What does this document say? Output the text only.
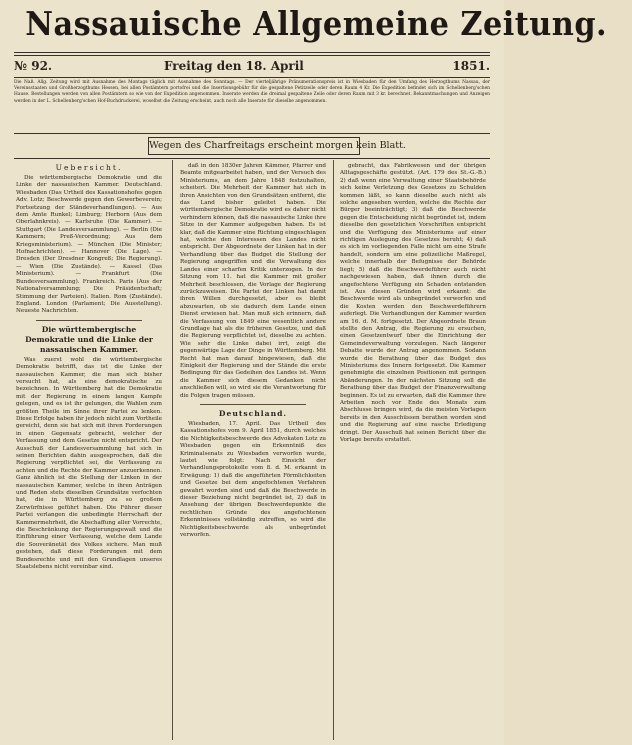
Nassauische Allgemeine Zeitung.
№ 92.	Freitag den 18. April	1851.
Die Naß. Allg. Zeitung wird mit Ausnahme des Montags täglich mit Ausnahme des Sonntags. — Der vierteljährige Pränumerationspreis ist in Wiesbaden für den Umfang des Herzogthums Nassau, der Vereinsstaaten und Großherzogthums Hessen, bei allen Postämtern portofrei und die Insertionsgebühr für die gespaltene Petitzeile oder deren Raum 4 Kr. Die Expedition befindet sich im Schellenberg'schen Hause. Bestellungen werden von allen Postämtern so wie von der Expedition angenommen. Inserate werden die dreimal gespaltene Zeile oder deren Raum mit 3 kr. berechnet. Bekanntmachungen und Anzeigen werden in der L. Schellenberg'schen Hof-Buchdruckerei, woselbst die Zeitung erscheint, auch noch alle Inserate für dieselbe angenommen.
Wegen des Charfreitags erscheint morgen kein Blatt.
Uebersicht.

Die württembergische Demokratie und die Linke der nassauischen Kammer. Deutschland. Wiesbaden (Das Urtheil des Kassationshofes gegen Adv. Lotz; Beschwerde gegen den Gewerbeverein; Fortsetzung der Ständeverhandlungen). — Aus dem Amte Runkel; Limburg; Herborn (Aus dem Oberlahnkreis). — Karlsruhe (Die Kammer). — Stuttgart (Die Landesversammlung). — Berlin (Die Kammern; Preß-Verordnung; Aus dem Kriegsministerium). — München (Die Minister; Hofnachrichten). — Hannover (Die Lage). — Dresden (Der Dresdner Kongreß; Die Regierung). — Wien (Die Zustände). — Kassel (Das Ministerium). — Frankfurt (Die Bundesversammlung). Frankreich. Paris (Aus der Nationalversammlung; Die Präsidentschaft; Stimmung der Parteien). Italien. Rom (Zustände). England. London (Parlament; Die Ausstellung). Neueste Nachrichten.

Die württembergische Demokratie und die Linke der nassauischen Kammer.

Was zuerst wohl die württembergische Demokratie betrifft, das ist die Linke der nassauischen Kammer, die man sich bisher versucht hat, als eine demokratische zu bezeichnen. In Württemberg hat die Demokratie mit der Regierung in einem langen Kampfe gelegen, und es ist ihr gelungen, die Wahlen zum größten Theile im Sinne ihrer Partei zu lenken. Diese Erfolge haben ihr jedoch nicht zum Vortheile gereicht, denn sie hat sich mit ihren Forderungen in einen Gegensatz gebracht, welcher der Verfassung und dem Gesetze nicht entspricht. Der Ausschuß der Landesversammlung hat sich in seinen Berichten dahin ausgesprochen, daß die Regierung verpflichtet sei, die Verfassung zu achten und die Rechte der Kammer anzuerkennen. Ganz ähnlich ist die Stellung der Linken in der nassauischen Kammer, welche in ihren Anträgen und Reden stets dieselben Grundsätze verfochten hat, die in Württemberg zu so großem Zerwürfnisse geführt haben. Die Führer dieser Partei verlangen die unbedingte Herrschaft der Kammermehrheit, die Abschaffung aller Vorrechte, die Beschränkung der Regierungsgewalt und die Einführung einer Verfassung, welche dem Lande die Souveränetät des Volkes sichere. Man muß gestehen, daß diese Forderungen mit dem Bundesrechte und mit den Grundlagen unseres Staatslebens nicht vereinbar sind.

daß in den 1830er Jahren Kämmer, Pfarrer und Beamte mitgearbeitet haben, und der Versuch des Ministeriums, an dem Jahre 1848 festzuhalten, scheitert. Die Mehrheit der Kammer hat sich in ihren Ansichten von den Grundsätzen entfernt, die das Land bisher geleitet haben. Die württembergische Demokratie wird es daher nicht verhindern können, daß die nassauische Linke ihre Sitze in der Kammer aufgegeben haben. Es ist klar, daß die Kammer eine Richtung eingeschlagen hat, welche den Interessen des Landes nicht entspricht. Der Abgeordnete der Linken hat in der Verhandlung über das Budget die Stellung der Regierung angegriffen und die Verwaltung des Landes einer scharfen Kritik unterzogen. In der Sitzung vom 11. hat die Kammer mit großer Mehrheit beschlossen, die Vorlage der Regierung zurückzuweisen. Die Partei der Linken hat damit ihren Willen durchgesetzt, aber es bleibt abzuwarten, ob sie dadurch dem Lande einen Dienst erwiesen hat. Man muß sich erinnern, daß die Verfassung von 1849 eine wesentlich andere Grundlage hat als die früheren Gesetze, und daß die Regierung verpflichtet ist, dieselbe zu achten. Wie sehr die Linke dabei irrt, zeigt die gegenwärtige Lage der Dinge in Württemberg. Mit Recht hat man darauf hingewiesen, daß die Einigkeit der Regierung und der Stände die erste Bedingung für das Gedeihen des Landes ist. Wenn die Kammer sich diesem Gedanken nicht anschließen will, so wird sie die Verantwortung für die Folgen tragen müssen.

Deutschland.

Wiesbaden, 17. April. Das Urtheil des Kassationshofes vom 9. April 1851, durch welches die Nichtigkeitsbeschwerde des Advokaten Lotz zu Wiesbaden gegen ein Erkenntniß des Kriminalsenats zu Wiesbaden verworfen wurde, lautet wie folgt: Nach Einsicht der Verhandlungsprotokolle vom 8. d. M. erkannt in Erwägung: 1) daß die angeführten Förmlichkeiten und Gesetze bei dem angefochtenen Verfahren gewahrt worden sind und daß die Beschwerde in dieser Beziehung nicht begründet ist, 2) daß in Ansehung der übrigen Beschwerdepunkte die rechtlichen Gründe des angefochtenen Erkenntnisses vollständig zutreffen, so wird die Nichtigkeitsbeschwerde als unbegründet verworfen.

gebracht, das Fabrikwesen und der übrigen Alltagsgeschäfte gestützt. (Art. 179 des St.-G.-B.) 2) daß wenn eine Verwaltung einer Staatsbehörde sich keine Verletzung des Gesetzes zu Schulden kommen läßt, so kann dieselbe auch nicht als solche angesehen werden, welche die Rechte der Bürger beeinträchtigt; 3) daß die Beschwerde gegen die Entscheidung nicht begründet ist, indem dieselbe den gesetzlichen Vorschriften entspricht und die Verfügung des Ministeriums auf einer richtigen Auslegung des Gesetzes beruht; 4) daß es sich im vorliegenden Falle nicht um eine Strafe handelt, sondern um eine polizeiliche Maßregel, welche innerhalb der Befugnisse der Behörde liegt; 5) daß die Beschwerdeführer auch nicht nachgewiesen haben, daß ihnen durch die angefochtene Verfügung ein Schaden entstanden ist. Aus diesen Gründen wird erkannt: die Beschwerde wird als unbegründet verworfen und die Kosten werden den Beschwerdeführern auferlegt. Die Verhandlungen der Kammer wurden am 16. d. M. fortgesetzt. Der Abgeordnete Braun stellte den Antrag, die Regierung zu ersuchen, einen Gesetzentwurf über die Einrichtung der Gemeindeverwaltung vorzulegen. Nach längerer Debatte wurde der Antrag angenommen. Sodann wurde die Berathung über das Budget des Ministeriums des Innern fortgesetzt. Die Kammer genehmigte die einzelnen Positionen mit geringen Abänderungen. In der nächsten Sitzung soll die Berathung über das Budget der Finanzverwaltung beginnen. Es ist zu erwarten, daß die Kammer ihre Arbeiten noch vor Ende des Monats zum Abschlusse bringen wird, da die meisten Vorlagen bereits in den Ausschüssen berathen worden sind und die Regierung auf eine rasche Erledigung dringt. Der Ausschuß hat seinen Bericht über die Vorlage bereits erstattet.
